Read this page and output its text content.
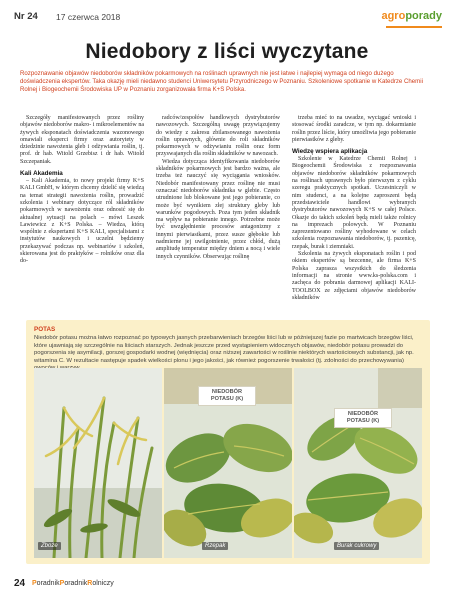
Nr 24 17 czerwca 2018	agroporady
Niedobory z liści wyczytane

Rozpoznawanie objawów niedoborów składników pokarmowych na roślinach uprawnych nie jest łatwe i najlepiej wymaga od niego dużego doświadczenia ekspertów. Taka okazję mieli niedawno studenci Uniwersytetu Przyrodniczego w Poznaniu. Szkoleniowe spotkanie w Katedrze Chemii Rolnej i Biogeochemii Środowiska UP w Poznaniu zorganizowała firma K+S Polska.

Szczegóły manifestowanych przez rośliny objawów niedoborów makro- i mikroelementów na żywych eksponatach doświadczenia wazonowego omawiali eksperci firmy oraz autorytety w dziedzinie nawożenia gleb i odżywiania roślin, tj. prof. dr hab. Witold Grzebisz i dr hab. Witold Szczepaniak.

Kali Akademia

– Kali Akademia, to nowy projekt firmy K+S KALI GmbH, w którym chcemy dzielić się wiedzą na temat strategii nawożenia roślin, prowadzić szkolenia i webinary dotyczące ról składników pokarmowych w nawożeniu oraz odnosić się do aktualnej sytuacji na polach – mówi Leszek Lawiewicz z K+S Polska. – Wiedza, którą wspólnie z ekspertami K+S KALI, specjalistami z instytutów naukowych i uczelni będziemy przekazywać podczas np. webinariów i szkoleń, skierowana jest do praktyków – rolników oraz dla do-

radców/zespołów handlowych dystrybutorów nawozowych. Szczególną uwagę przywiązujemy do wiedzy z zakresu zbilansowanego nawożenia roślin uprawnych, głównie do roli składników pokarmowych w odżywianiu roślin oraz form przyswajanych dla roślin składników w nawozach.

Wiedza dotycząca identyfikowania niedoborów składników pokarmowych jest bardzo ważna, ale trzeba też nauczyć się wyciągania wniosków. Niedobór manifestowany przez roślinę nie musi oznaczać niedoborów składnika w glebie. Często utrudnione lub blokowane jest jego pobieranie, co może być wynikiem złej struktury gleby lub warunków pogodowych. Poza tym jeden składnik ma wpływ na pobieranie innego. Potrzebne może być uwzględnienie procesów antagonizmy z innymi pierwiastkami, przez susze głębokie lub nadmierne jej uwilgotnienie, przez chłód, dużą amplitudę temperatur między dniem a nocą i wiele innych czynników. Obserwując roślinę

trzeba mieć to na uwadze, wyciągać wnioski i stosować środki zaradcze, w tym np. dokarmianie roślin przez liście, który umożliwia jego pobieranie pierwiastków z gleby.

Wiedzę wspiera aplikacja

Szkolenie w Katedrze Chemii Rolnej i Biogeochemii Środowiska z rozpoznawania objawów niedoborów składników pokarmowych na roślinach uprawnych było pierwszym z cyklu szeregu praktycznych spotkań. Uczestniczyli w nim studenci, a na kolejne zaproszeni będą przedstawiciele handlowi wybranych dystrybutorów nawozowych K+S w całej Polsce. Okazje do takich szkoleń będą mieli także rolnicy na imprezach polowych. W Poznaniu zaprezentowano rośliny wyhodowane w celach szkolenia rozpoznawania niedoborów, tj. pszenicę, rzepak, burak i ziemniaki.

Szkolenia na żywych eksponatach roślin i pod okiem ekspertów są bezcenne, ale firma K+S Polska zaprasza wszystkich do śledzenia informacji na stronie www.ks-polska.com i zachęca do pobrania darmowej aplikacji KALI-TOOLBOX ze zdjęciami objawów niedoborów składników

POTAS

Niedobór potasu można łatwo rozpoznać po typowych jasnych przebarwieniach brzegów liści lub w późniejszej fazie po martwicach brzegów liści, które ujawniają się szczególnie na liściach starszych. Jednak jeszcze przed wystąpieniem widocznych objawów, niedobór potasu prowadzi do pogorszenia się asymilacji, gorszej gospodarki wodnej (więdnięcia) oraz niższej zawartości w roślinie niektórych wartościowych substancji, jak np. witamina C. W rezultacie następuje spadek wielkości plonu i jego jakości, jak również pogorszenie trwałości (tj. zdolności do przechowywania)

Zboże
NIEDOBÓR POTASU (K)
Rzepak
NIEDOBÓR POTASU (K)
Burak cukrowy
24 PoradnikPoradnikRolniczy
